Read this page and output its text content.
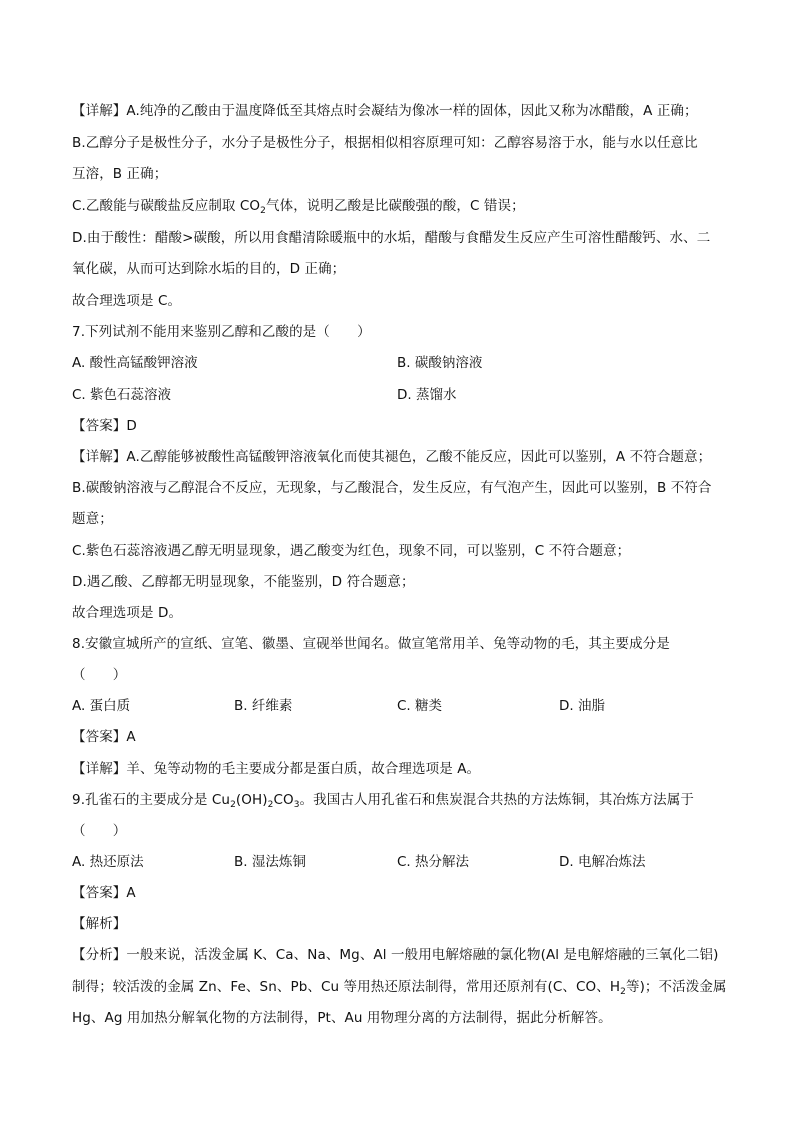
【详解】A.纯净的乙酸由于温度降低至其熔点时会凝结为像冰一样的固体，因此又称为冰醋酸，A 正确；
B.乙醇分子是极性分子，水分子是极性分子，根据相似相容原理可知：乙醇容易溶于水，能与水以任意比
互溶，B 正确；
C.乙酸能与碳酸盐反应制取 $CO_2$气体，说明乙酸是比碳酸强的酸，C 错误；
D.由于酸性：醋酸>碳酸，所以用食醋清除暖瓶中的水垢，醋酸与食醋发生反应产生可溶性醋酸钙、水、二
氧化碳，从而可达到除水垢的目的，D 正确；
故合理选项是 C。
7.下列试剂不能用来鉴别乙醇和乙酸的是（　　）
A. 酸性高锰酸钾溶液	B. 碳酸钠溶液
C. 紫色石蕊溶液	D. 蒸馏水
【答案】D
【详解】A.乙醇能够被酸性高锰酸钾溶液氧化而使其褪色，乙酸不能反应，因此可以鉴别，A 不符合题意；
B.碳酸钠溶液与乙醇混合不反应，无现象，与乙酸混合，发生反应，有气泡产生，因此可以鉴别，B 不符合
题意；
C.紫色石蕊溶液遇乙醇无明显现象，遇乙酸变为红色，现象不同，可以鉴别，C 不符合题意；
D.遇乙酸、乙醇都无明显现象，不能鉴别，D 符合题意；
故合理选项是 D。
8.安徽宣城所产的宣纸、宣笔、徽墨、宣砚举世闻名。做宣笔常用羊、兔等动物的毛，其主要成分是
（　　）
A. 蛋白质	B. 纤维素	C. 糖类	D. 油脂
【答案】A
【详解】羊、兔等动物的毛主要成分都是蛋白质，故合理选项是 A。
9.孔雀石的主要成分是 $Cu_2(OH)_2CO_3$。我国古人用孔雀石和焦炭混合共热的方法炼铜，其冶炼方法属于
（　　）
A. 热还原法	B. 湿法炼铜	C. 热分解法	D. 电解冶炼法
【答案】A
【解析】
【分析】一般来说，活泼金属 K、Ca、Na、Mg、Al 一般用电解熔融的氯化物(Al 是电解熔融的三氧化二铝)
制得；较活泼的金属 Zn、Fe、Sn、Pb、Cu 等用热还原法制得，常用还原剂有(C、CO、$H_2$等)；不活泼金属
Hg、Ag 用加热分解氧化物的方法制得，Pt、Au 用物理分离的方法制得，据此分析解答。
